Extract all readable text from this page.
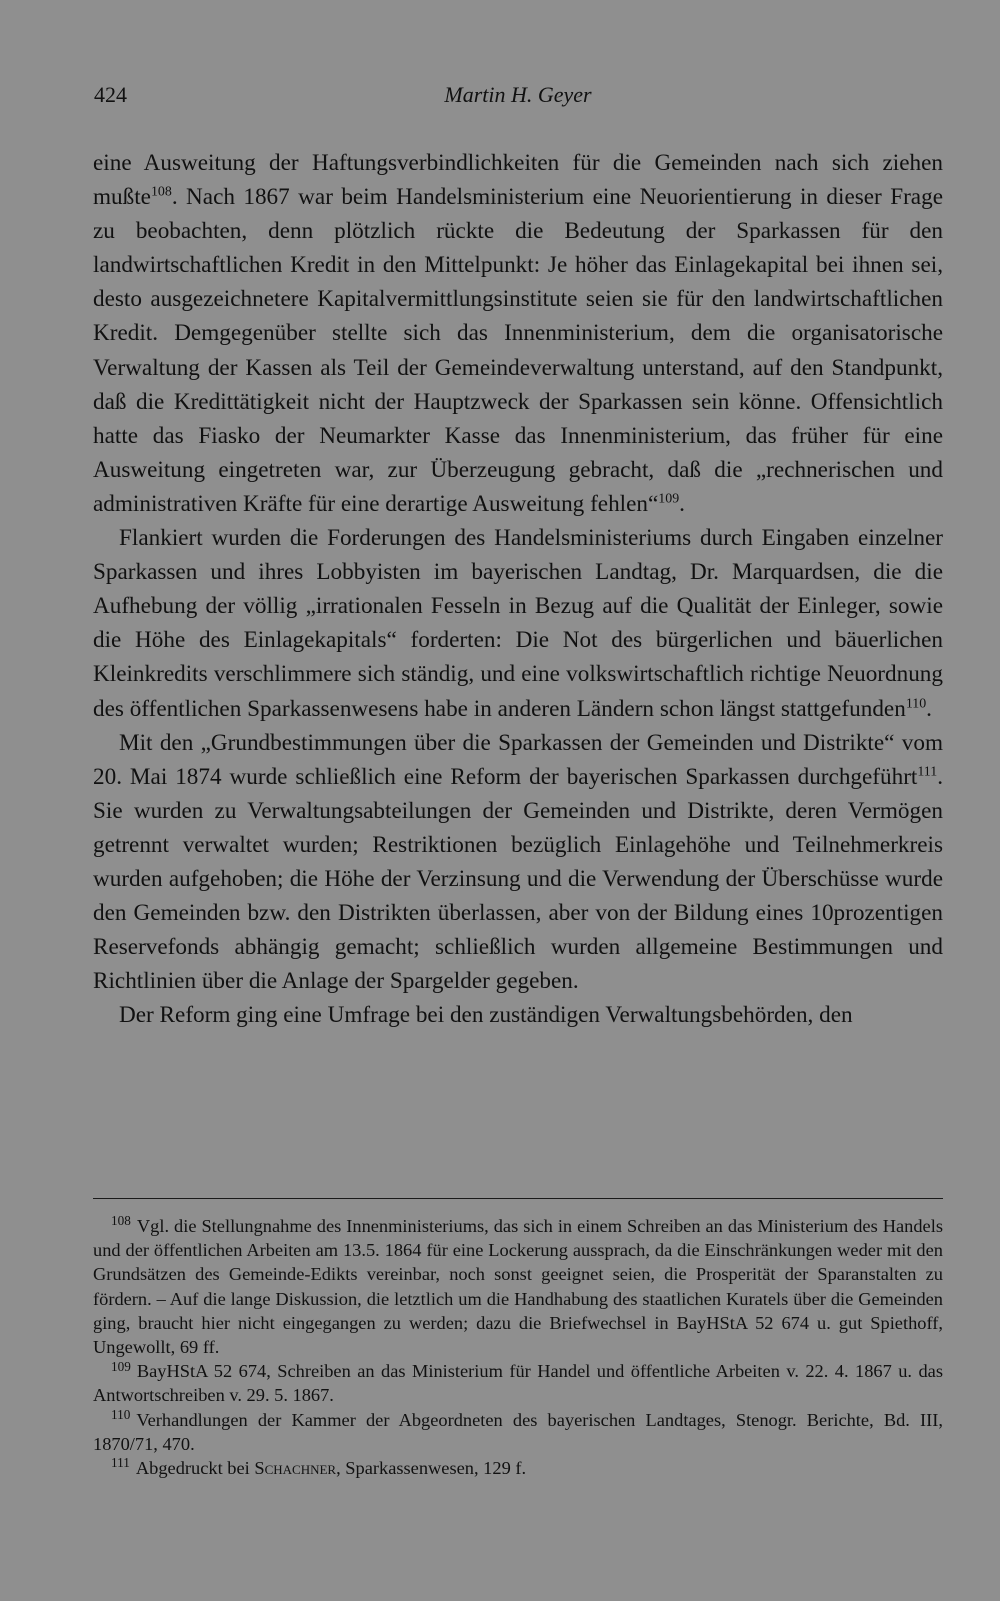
424	Martin H. Geyer

eine Ausweitung der Haftungsverbindlichkeiten für die Gemeinden nach sich ziehen mußte$^{108}$. Nach 1867 war beim Handelsministerium eine Neuorientierung in dieser Frage zu beobachten, denn plötzlich rückte die Bedeutung der Sparkassen für den landwirtschaftlichen Kredit in den Mittelpunkt: Je höher das Einlagekapital bei ihnen sei, desto ausgezeichnetere Kapitalvermittlungsinstitute seien sie für den landwirtschaftlichen Kredit. Demgegenüber stellte sich das Innenministerium, dem die organisatorische Verwaltung der Kassen als Teil der Gemeindeverwaltung unterstand, auf den Standpunkt, daß die Kredittätigkeit nicht der Hauptzweck der Sparkassen sein könne. Offensichtlich hatte das Fiasko der Neumarkter Kasse das Innenministerium, das früher für eine Ausweitung eingetreten war, zur Überzeugung gebracht, daß die „rechnerischen und administrativen Kräfte für eine derartige Ausweitung fehlen“$^{109}$.

Flankiert wurden die Forderungen des Handelsministeriums durch Eingaben einzelner Sparkassen und ihres Lobbyisten im bayerischen Landtag, Dr. Marquardsen, die die Aufhebung der völlig „irrationalen Fesseln in Bezug auf die Qualität der Einleger, sowie die Höhe des Einlagekapitals“ forderten: Die Not des bürgerlichen und bäuerlichen Kleinkredits verschlimmere sich ständig, und eine volkswirtschaftlich richtige Neuordnung des öffentlichen Sparkassenwesens habe in anderen Ländern schon längst stattgefunden$^{110}$.

Mit den „Grundbestimmungen über die Sparkassen der Gemeinden und Distrikte“ vom 20. Mai 1874 wurde schließlich eine Reform der bayerischen Sparkassen durchgeführt$^{111}$. Sie wurden zu Verwaltungsabteilungen der Gemeinden und Distrikte, deren Vermögen getrennt verwaltet wurden; Restriktionen bezüglich Einlagehöhe und Teilnehmerkreis wurden aufgehoben; die Höhe der Verzinsung und die Verwendung der Überschüsse wurde den Gemeinden bzw. den Distrikten überlassen, aber von der Bildung eines 10prozentigen Reservefonds abhängig gemacht; schließlich wurden allgemeine Bestimmungen und Richtlinien über die Anlage der Spargelder gegeben.

Der Reform ging eine Umfrage bei den zuständigen Verwaltungsbehörden, den

$^{108}$ Vgl. die Stellungnahme des Innenministeriums, das sich in einem Schreiben an das Ministerium des Handels und der öffentlichen Arbeiten am 13.5. 1864 für eine Lockerung aussprach, da die Einschränkungen weder mit den Grundsätzen des Gemeinde-Edikts vereinbar, noch sonst geeignet seien, die Prosperität der Sparanstalten zu fördern. – Auf die lange Diskussion, die letztlich um die Handhabung des staatlichen Kuratels über die Gemeinden ging, braucht hier nicht eingegangen zu werden; dazu die Briefwechsel in BayHStA 52 674 u. gut Spiethoff, Ungewollt, 69 ff.

$^{109}$ BayHStA 52 674, Schreiben an das Ministerium für Handel und öffentliche Arbeiten v. 22. 4. 1867 u. das Antwortschreiben v. 29. 5. 1867.

$^{110}$ Verhandlungen der Kammer der Abgeordneten des bayerischen Landtages, Stenogr. Berichte, Bd. III, 1870/71, 470.

$^{111}$ Abgedruckt bei Schachner, Sparkassenwesen, 129 f.
